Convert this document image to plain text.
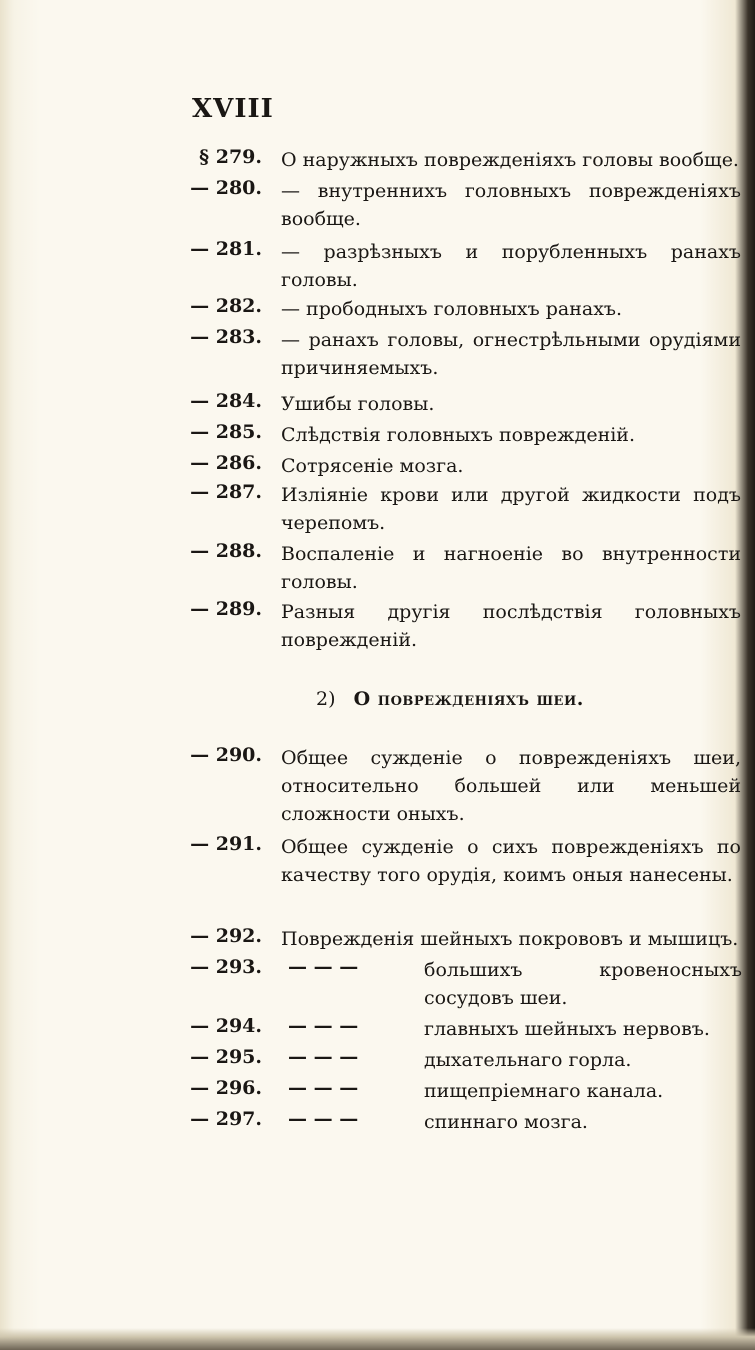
XVIII
§ 279. О наружныхъ поврежденiяхъ головы вообще.
— 280. — внутреннихъ головныхъ поврежденiяхъ вообще.
— 281. — разрѣзныхъ и порубленныхъ ранахъ головы.
— 282. — прободныхъ головныхъ ранахъ.
— 283. — ранахъ головы, огнестрѣльными орудiями причиняемыхъ.
— 284. Ушибы головы.
— 285. Слѣдствiя головныхъ поврежденiй.
— 286. Сотрясенiе мозга.
— 287. Излiянiе крови или другой жидкости подъ черепомъ.
— 288. Воспаленiе и нагноенiе во внутренности головы.
— 289. Разныя другiя послѣдствiя головныхъ поврежденiй.
2) О поврежденiяхъ шеи.
— 290. Общее сужденiе о поврежденiяхъ шеи, относительно большей или меньшей сложности оныхъ.
— 291. Общее сужденiе о сихъ поврежденiяхъ по качеству того орудiя, коимъ оныя нанесены.
— 292. Поврежденiя шейныхъ покрововъ и мышицъ.
— 293. — — —	большихъ кровеносныхъ сосудовъ шеи.
— 294. — — —	главныхъ шейныхъ нервовъ.
— 295. — — —	дыхательнаго горла.
— 296. — — —	пищепрiемнаго канала.
— 297. — — —	спиннаго мозга.
